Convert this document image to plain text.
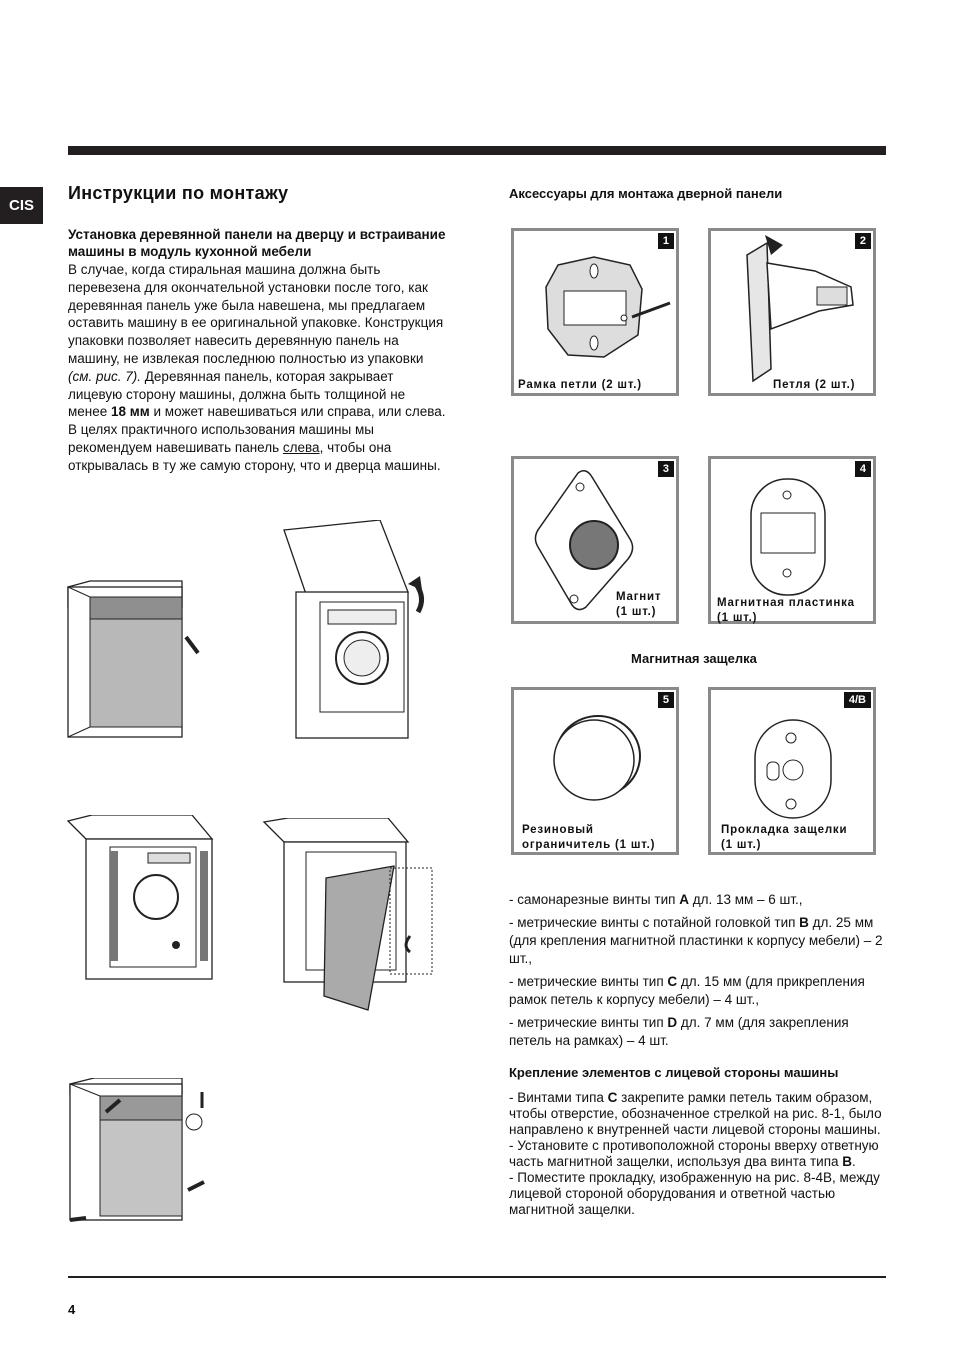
CIS
Инструкции по монтажу
Установка деревянной панели на дверцу и встраивание машины в модуль кухонной мебели

В случае, когда стиральная машина должна быть перевезена для окончательной установки после того, как деревянная панель уже была навешена, мы предлагаем оставить машину в ее оригинальной упаковке. Конструкция упаковки позволяет навесить деревянную панель на машину, не извлекая последнюю полностью из упаковки (см. рис. 7). Деревянная панель, которая закрывает лицевую сторону машины, должна быть толщиной не менее 18 мм и может навешиваться или справа, или слева. В целях практичного использования машины мы рекомендуем навешивать панель слева, чтобы она открывалась в ту же самую сторону, что и дверца машины.

Аксессуары для монтажа дверной панели
1
Рамка петли (2 шт.)
2
Петля (2 шт.)
3
Магнит
(1 шт.)
4
Магнитная пластинка
(1 шт.)
Магнитная защелка
5
Резиновый
ограничитель (1 шт.)
4/B
Прокладка защелки
(1 шт.)

- самонарезные винты тип A дл. 13 мм – 6 шт.,

- метрические винты с потайной головкой тип B дл. 25 мм (для крепления магнитной пластинки к корпусу мебели) – 2 шт.,

- метрические винты тип C дл. 15 мм (для прикрепления рамок петель к корпусу мебели) – 4 шт.,

- метрические винты тип D дл. 7 мм (для закрепления петель на рамках) – 4 шт.

Крепление элементов с лицевой стороны машины

- Винтами типа C закрепите рамки петель таким образом, чтобы отверстие, обозначенное стрелкой на рис. 8-1, было направлено к внутренней части лицевой стороны машины.

- Установите с противоположной стороны вверху ответную часть магнитной защелки, используя два винта типа B.

- Поместите прокладку, изображенную на рис. 8-4B, между лицевой стороной оборудования и ответной частью магнитной защелки.

4
